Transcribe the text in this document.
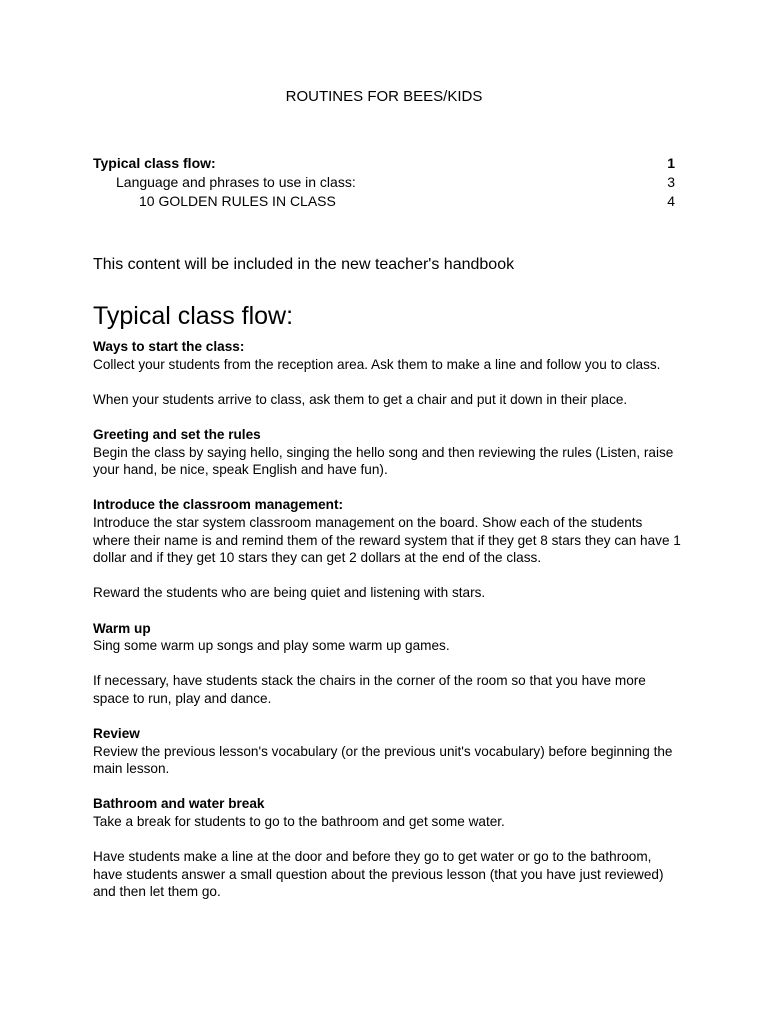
ROUTINES FOR BEES/KIDS
Typical class flow:	1
Language and phrases to use in class:	3
10 GOLDEN RULES IN CLASS	4
This content will be included in the new teacher's handbook
Typical class flow:

Ways to start the class:

Collect your students from the reception area. Ask them to make a line and follow you to class.

When your students arrive to class, ask them to get a chair and put it down in their place.

Greeting and set the rules

Begin the class by saying hello, singing the hello song and then reviewing the rules (Listen, raise your hand, be nice, speak English and have fun).

Introduce the classroom management:

Introduce the star system classroom management on the board. Show each of the students where their name is and remind them of the reward system that if they get 8 stars they can have 1 dollar and if they get 10 stars they can get 2 dollars at the end of the class.

Reward the students who are being quiet and listening with stars.

Warm up

Sing some warm up songs and play some warm up games.

If necessary, have students stack the chairs in the corner of the room so that you have more space to run, play and dance.

Review

Review the previous lesson's vocabulary (or the previous unit's vocabulary) before beginning the main lesson.

Bathroom and water break

Take a break for students to go to the bathroom and get some water.

Have students make a line at the door and before they go to get water or go to the bathroom, have students answer a small question about the previous lesson (that you have just reviewed) and then let them go.
